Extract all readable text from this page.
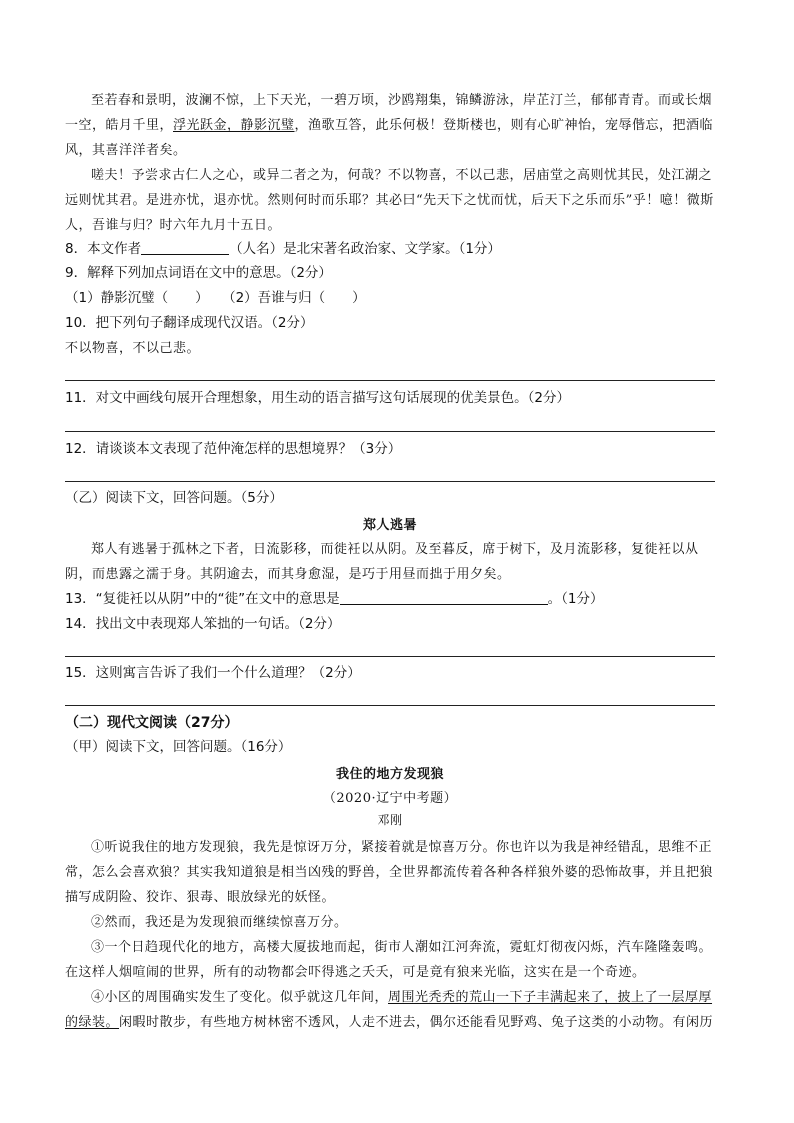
至若春和景明，波澜不惊，上下天光，一碧万顷，沙鸥翔集，锦鳞游泳，岸芷汀兰，郁郁青青。而或长烟一空，皓月千里，浮光跃金，静影沉璧，渔歌互答，此乐何极！登斯楼也，则有心旷神怡，宠辱偕忘，把酒临风，其喜洋洋者矣。

嗟夫！予尝求古仁人之心，或异二者之为，何哉？不以物喜，不以己悲，居庙堂之高则忧其民，处江湖之远则忧其君。是进亦忧，退亦忧。然则何时而乐耶？其必曰“先天下之忧而忧，后天下之乐而乐”乎！噫！微斯人，吾谁与归？时六年九月十五日。

8．本文作者	（人名）是北宋著名政治家、文学家。（1分）
9．解释下列加点词语在文中的意思。（2分）
（1）静影沉璧（　　）　　（2）吾谁与归（　　）
10．把下列句子翻译成现代汉语。（2分）
不以物喜，不以己悲。
11．对文中画线句展开合理想象，用生动的语言描写这句话展现的优美景色。（2分）
12．请谈谈本文表现了范仲淹怎样的思想境界？（3分）
（乙）阅读下文，回答问题。（5分）
郑人逃暑

郑人有逃暑于孤林之下者，日流影移，而徙衽以从阴。及至暮反，席于树下，及月流影移，复徙衽以从阴，而患露之濡于身。其阴逾去，而其身愈湿，是巧于用昼而拙于用夕矣。

13．“复徙衽以从阴”中的“徙”在文中的意思是	。（1分）
14．找出文中表现郑人笨拙的一句话。（2分）
15．这则寓言告诉了我们一个什么道理？（2分）
（二）现代文阅读（27分）
（甲）阅读下文，回答问题。（16分）
我住的地方发现狼
（2020·辽宁中考题）
邓刚

①听说我住的地方发现狼，我先是惊讶万分，紧接着就是惊喜万分。你也许以为我是神经错乱，思维不正常，怎么会喜欢狼？其实我知道狼是相当凶残的野兽，全世界都流传着各种各样狼外婆的恐怖故事，并且把狼描写成阴险、狡诈、狠毒、眼放绿光的妖怪。

②然而，我还是为发现狼而继续惊喜万分。

③一个日趋现代化的地方，高楼大厦拔地而起，街市人潮如江河奔流，霓虹灯彻夜闪烁，汽车隆隆轰鸣。在这样人烟喧闹的世界，所有的动物都会吓得逃之夭夭，可是竟有狼来光临，这实在是一个奇迹。

④小区的周围确实发生了变化。似乎就这几年间，周围光秃秃的荒山一下子丰满起来了，披上了一层厚厚的绿装。闲暇时散步，有些地方树林密不透风，人走不进去，偶尔还能看见野鸡、兔子这类的小动物。有闲历
